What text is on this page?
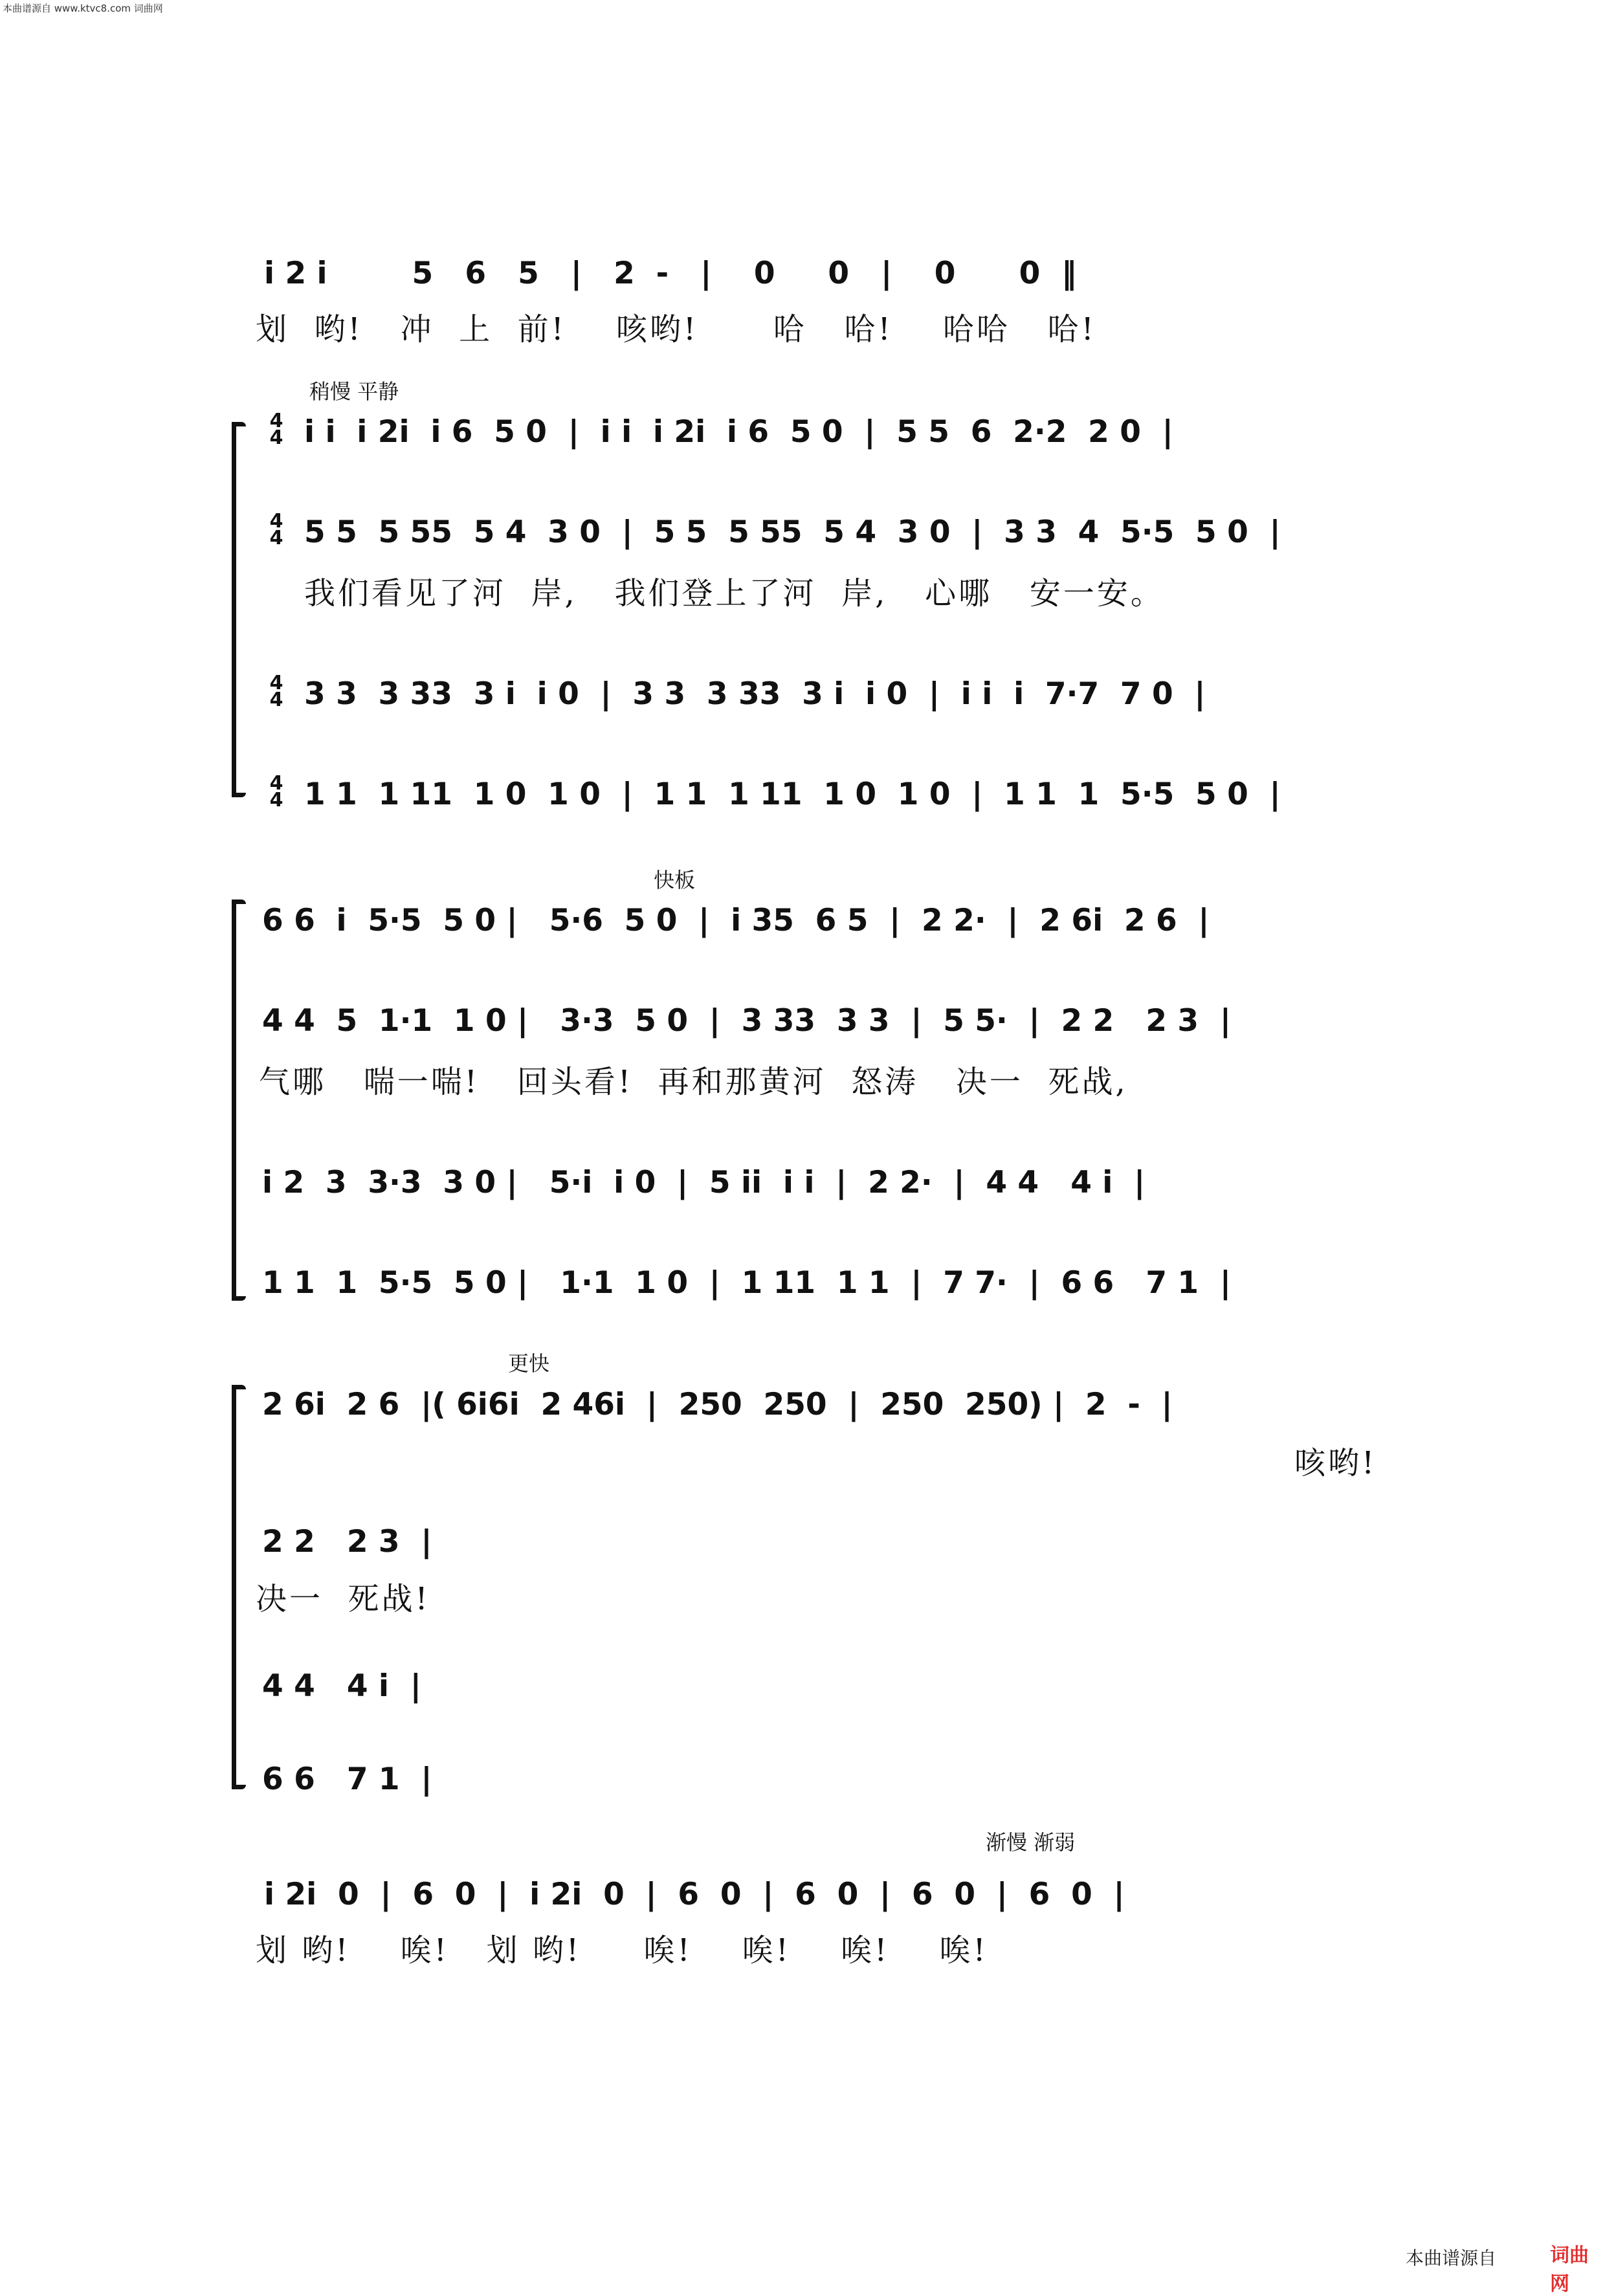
本曲谱源自 www.ktvc8.com 词曲网
i 2 i        5   6   5   |   2  -   |    0     0   |    0      0  ‖
划  哟!   冲  上  前!    咳哟!      哈   哈!    哈哈   哈!
稍慢 平静
i i  i 2i  i 6  5 0  |  i i  i 2i  i 6  5 0  |  5 5  6  2·2  2 0  |
5 5  5 55  5 4  3 0  |  5 5  5 55  5 4  3 0  |  3 3  4  5·5  5 0  |
我们看见了河  岸,   我们登上了河  岸,   心哪   安一安。
3 3  3 33  3 i  i 0  |  3 3  3 33  3 i  i 0  |  i i  i  7·7  7 0  |
1 1  1 11  1 0  1 0  |  1 1  1 11  1 0  1 0  |  1 1  1  5·5  5 0  |
4
4
4
4
4
4
4
4
快板
6 6  i  5·5  5 0 |   5·6  5 0  |  i 35  6 5  |  2 2·  |  2 6i  2 6  |
4 4  5  1·1  1 0 |   3·3  5 0  |  3 33  3 3  |  5 5·  |  2 2   2 3  |
气哪   喘一喘!   回头看!  再和那黄河  怒涛   决一  死战,
i 2  3  3·3  3 0 |   5·i  i 0  |  5 ii  i i  |  2 2·  |  4 4   4 i  |
1 1  1  5·5  5 0 |   1·1  1 0  |  1 11  1 1  |  7 7·  |  6 6   7 1  |
更快
2 6i  2 6  |( 6i6i  2 46i  |  250  250  |  250  250) |  2  -  |
咳哟!
2 2   2 3  |
决一  死战!
4 4   4 i  |
6 6   7 1  |
渐慢 渐弱
i 2i  0  |  6  0  |  i 2i  0  |  6  0  |  6  0  |  6  0  |  6  0  |
划 哟!    唉!   划 哟!     唉!    唉!    唉!    唉!
本曲谱源自	词曲网
